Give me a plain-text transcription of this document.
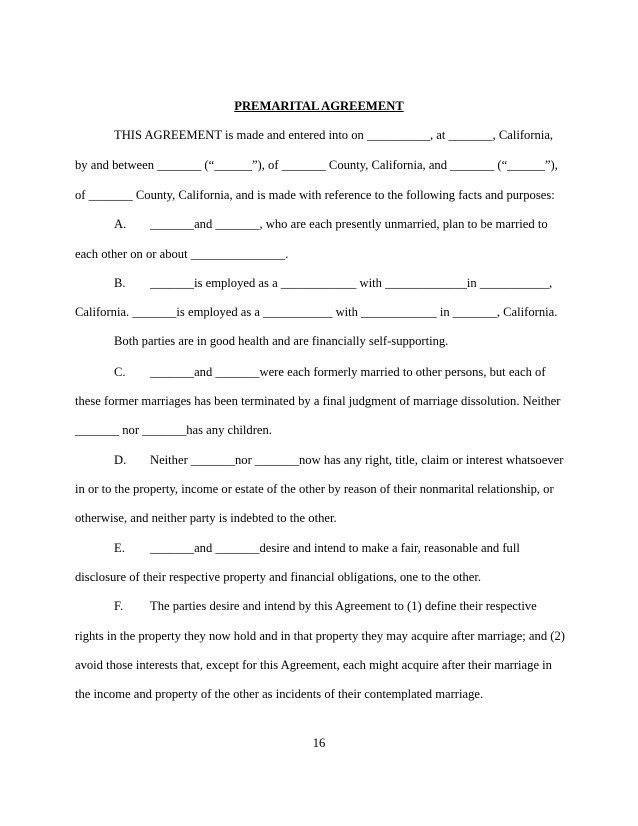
PREMARITAL AGREEMENT
THIS AGREEMENT is made and entered into on __________, at _______, California,
by and between _______ (“______”), of _______ County, California, and _______ (“______”),
of _______ County, California, and is made with reference to the following facts and purposes:
A. _______and _______, who are each presently unmarried, plan to be married to
each other on or about _______________.
B. _______is employed as a ____________ with _____________in ___________,
California. _______is employed as a ___________ with ____________ in _______, California.
Both parties are in good health and are financially self-supporting.
C. _______and _______were each formerly married to other persons, but each of
these former marriages has been terminated by a final judgment of marriage dissolution. Neither
_______ nor _______has any children.
D. Neither _______nor _______now has any right, title, claim or interest whatsoever
in or to the property, income or estate of the other by reason of their nonmarital relationship, or
otherwise, and neither party is indebted to the other.
E. _______and _______desire and intend to make a fair, reasonable and full
disclosure of their respective property and financial obligations, one to the other.
F. The parties desire and intend by this Agreement to (1) define their respective
rights in the property they now hold and in that property they may acquire after marriage; and (2)
avoid those interests that, except for this Agreement, each might acquire after their marriage in
the income and property of the other as incidents of their contemplated marriage.
16
